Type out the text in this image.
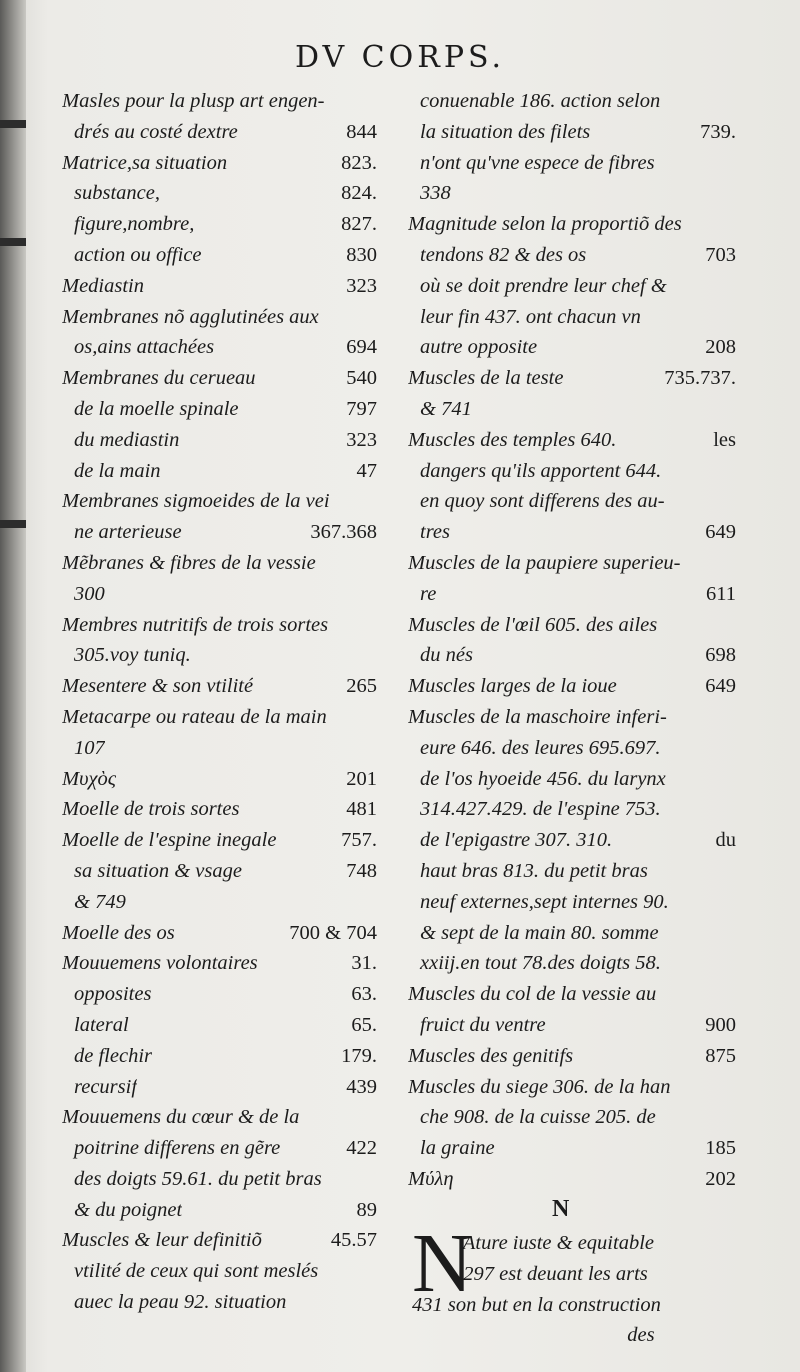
DV CORPS.
Masles pour la plusp art engen-
drés au costé dextre	844
Matrice,sa situation	823.
substance,	824.
figure,nombre,	827.
action ou office	830
Mediastin	323
Membranes nõ agglutinées aux
os,ains attachées	694
Membranes du cerueau	540
de la moelle spinale	797
du mediastin	323
de la main	47
Membranes sigmoeides de la vei
ne arterieuse	367.368
Mẽbranes & fibres de la vessie
300
Membres nutritifs de trois sortes
305.voy tuniq.
Mesentere & son vtilité	265
Metacarpe ou rateau de la main
107
Mυχὸς	201
Moelle de trois sortes	481
Moelle de l'espine inegale	757.
sa situation & vsage	748
& 749
Moelle des os	700 & 704
Mouuemens volontaires	31.
opposites	63.
lateral	65.
de flechir	179.
recursif	439
Mouuemens du cœur & de la
poitrine differens en gẽre	422
des doigts 59.61. du petit bras
& du poignet	89
Muscles & leur definitiõ	45.57
vtilité de ceux qui sont meslés
auec la peau 92. situation
conuenable 186. action selon
la situation des filets	739.
n'ont qu'vne espece de fibres
338
Magnitude selon la proportiõ des
tendons 82 & des os	703
où se doit prendre leur chef &
leur fin 437. ont chacun vn
autre opposite	208
Muscles de la teste	735.737.
& 741
Muscles des temples 640.	les
dangers qu'ils apportent 644.
en quoy sont differens des au-
tres	649
Muscles de la paupiere superieu-
re	611
Muscles de l'œil 605. des ailes
du nés	698
Muscles larges de la ioue	649
Muscles de la maschoire inferi-
eure 646. des leures 695.697.
de l'os hyoeide 456. du larynx
314.427.429. de l'espine 753.
de l'epigastre 307. 310.	du
haut bras 813. du petit bras
neuf externes,sept internes 90.
& sept de la main 80. somme
xxiij.en tout 78.des doigts 58.
Muscles du col de la vessie au
fruict du ventre	900
Muscles des genitifs	875
Muscles du siege 306. de la han
che 908. de la cuisse 205. de
la graine	185
Μύλη	202
N
N
Ature iuste & equitable
297 est deuant les arts
431 son but en la construction
des
